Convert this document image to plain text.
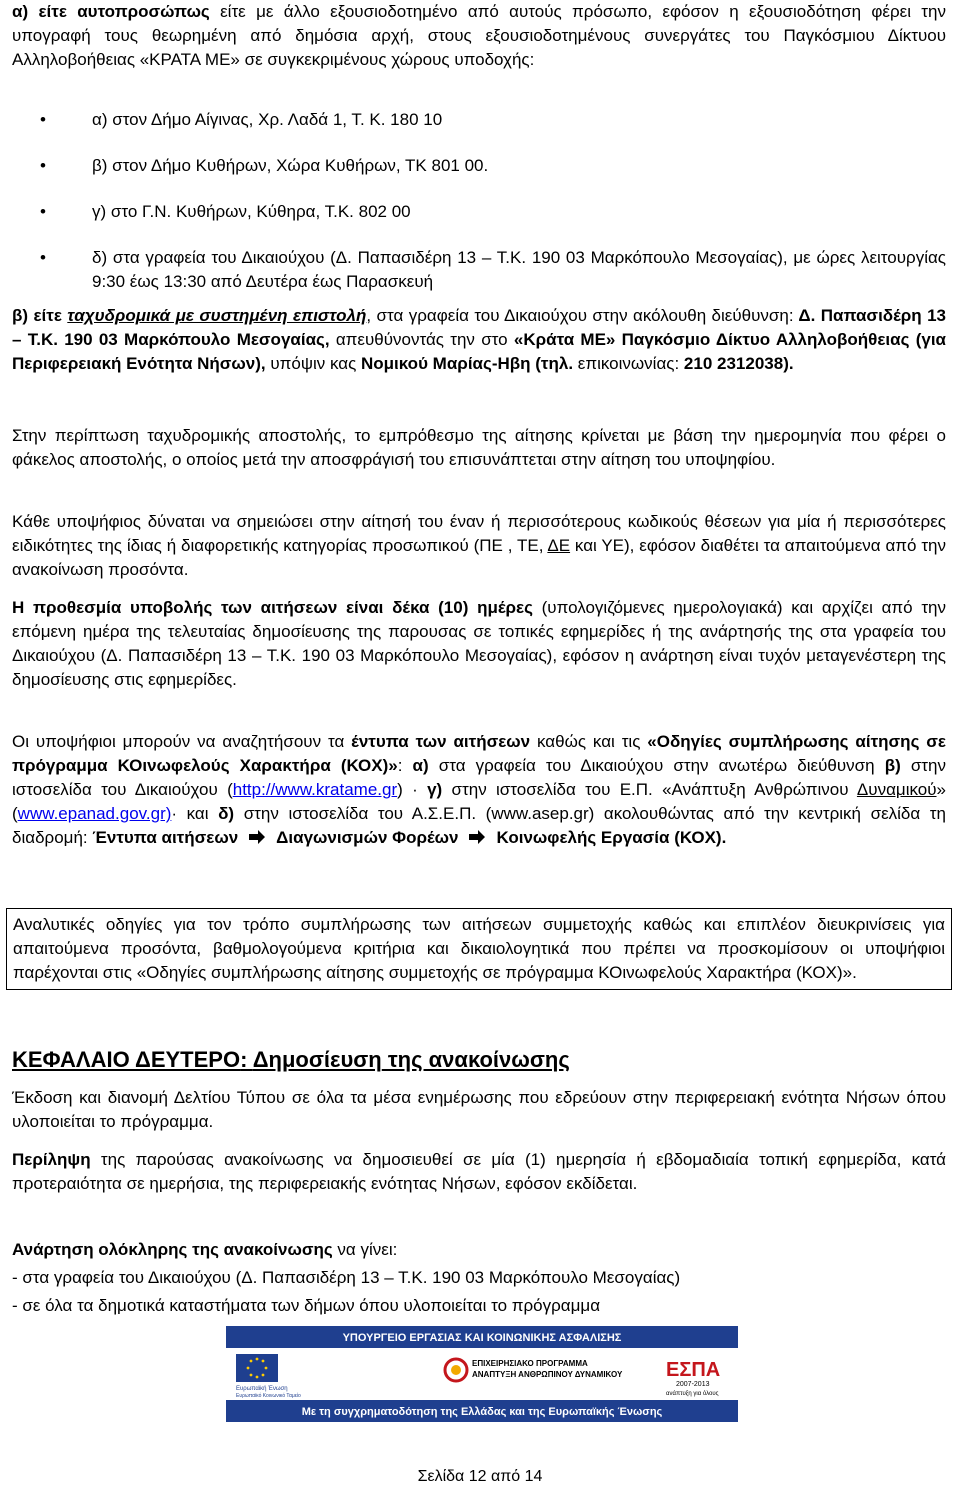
α) είτε αυτοπροσώπως είτε με άλλο εξουσιοδοτημένο από αυτούς πρόσωπο, εφόσον η εξουσιοδότηση φέρει την υπογραφή τους θεωρημένη από δημόσια αρχή, στους εξουσιοδοτημένους συνεργάτες του Παγκόσμιου Δίκτυου Αλληλοβοήθειας «ΚΡΑΤΑ ΜΕ» σε συγκεκριμένους χώρους υποδοχής:

•	α) στον Δήμο Αίγινας, Χρ. Λαδά 1, Τ. Κ. 180 10
•	β) στον Δήμο Κυθήρων, Χώρα Κυθήρων, ΤΚ 801 00.
•	γ) στο Γ.Ν. Κυθήρων, Κύθηρα, Τ.Κ. 802 00
•	δ) στα γραφεία του Δικαιούχου (Δ. Παπασιδέρη 13 – Τ.Κ. 190 03 Μαρκόπουλο Μεσογαίας), με ώρες λειτουργίας 9:30 έως 13:30 από Δευτέρα έως Παρασκευή

β) είτε ταχυδρομικά με συστημένη επιστολή, στα γραφεία του Δικαιούχου στην ακόλουθη διεύθυνση: Δ. Παπασιδέρη 13 – Τ.Κ. 190 03 Μαρκόπουλο Μεσογαίας, απευθύνοντάς την στο «Κράτα ΜΕ» Παγκόσμιο Δίκτυο Αλληλοβοήθειας (για Περιφερειακή Ενότητα Νήσων), υπόψιν κας Νομικού Μαρίας-Ηβη (τηλ. επικοινωνίας: 210 2312038).

Στην περίπτωση ταχυδρομικής αποστολής, το εμπρόθεσμο της αίτησης κρίνεται με βάση την ημερομηνία που φέρει ο φάκελος αποστολής, ο οποίος μετά την αποσφράγισή του επισυνάπτεται στην αίτηση του υποψηφίου.

Κάθε υποψήφιος δύναται να σημειώσει στην αίτησή του έναν ή περισσότερους κωδικούς θέσεων για μία ή περισσότερες ειδικότητες της ίδιας ή διαφορετικής κατηγορίας προσωπικού (ΠΕ , ΤΕ, ΔΕ και ΥΕ), εφόσον διαθέτει τα απαιτούμενα από την ανακοίνωση προσόντα.

Η προθεσμία υποβολής των αιτήσεων είναι δέκα (10) ημέρες (υπολογιζόμενες ημερολογιακά) και αρχίζει από την επόμενη ημέρα της τελευταίας δημοσίευσης της παρουσας σε τοπικές εφημερίδες ή της ανάρτησής της στα γραφεία του Δικαιούχου (Δ. Παπασιδέρη 13 – Τ.Κ. 190 03 Μαρκόπουλο Μεσογαίας), εφόσον η ανάρτηση είναι τυχόν μεταγενέστερη της δημοσίευσης στις εφημερίδες.

Οι υποψήφιοι μπορούν να αναζητήσουν τα έντυπα των αιτήσεων καθώς και τις «Οδηγίες συμπλήρωσης αίτησης σε πρόγραμμα ΚΟινωφελούς Χαρακτήρα (ΚΟΧ)»: α) στα γραφεία του Δικαιούχου στην ανωτέρω διεύθυνση β) στην ιστοσελίδα του Δικαιούχου (http://www.kratame.gr) · γ) στην ιστοσελίδα του Ε.Π. «Ανάπτυξη Ανθρώπινου Δυναμικού» (www.epanad.gov.gr)· και δ) στην ιστοσελίδα του Α.Σ.Ε.Π. (www.asep.gr) ακολουθώντας από την κεντρική σελίδα τη διαδρομή: Έντυπα αιτήσεων Διαγωνισμών Φορέων Κοινωφελής Εργασία (ΚΟΧ).

Αναλυτικές οδηγίες για τον τρόπο συμπλήρωσης των αιτήσεων συμμετοχής καθώς και επιπλέον διευκρινίσεις για απαιτούμενα προσόντα, βαθμολογούμενα κριτήρια και δικαιολογητικά που πρέπει να προσκομίσουν οι υποψήφιοι παρέχονται στις «Οδηγίες συμπλήρωσης αίτησης συμμετοχής σε πρόγραμμα ΚΟινωφελούς Χαρακτήρα (ΚΟΧ)».

ΚΕΦΑΛΑΙΟ ΔΕΥΤΕΡΟ: Δημοσίευση της ανακοίνωσης

Έκδοση και διανομή Δελτίου Τύπου σε όλα τα μέσα ενημέρωσης που εδρεύουν στην περιφερειακή ενότητα Νήσων όπου υλοποιείται το πρόγραμμα.

Περίληψη της παρούσας ανακοίνωσης να δημοσιευθεί σε μία (1) ημερησία ή εβδομαδιαία τοπική εφημερίδα, κατά προτεραιότητα σε ημερήσια, της περιφερειακής ενότητας Νήσων, εφόσον εκδίδεται.

Ανάρτηση ολόκληρης της ανακοίνωσης να γίνει:
- στα γραφεία του Δικαιούχου (Δ. Παπασιδέρη 13 – Τ.Κ. 190 03 Μαρκόπουλο Μεσογαίας)
- σε όλα τα δημοτικά καταστήματα των δήμων όπου υλοποιείται το πρόγραμμα
ΥΠΟΥΡΓΕΙΟ ΕΡΓΑΣΙΑΣ ΚΑΙ ΚΟΙΝΩΝΙΚΗΣ ΑΣΦΑΛΙΣΗΣ
Ευρωπαϊκή Ένωση
Ευρωπαϊκό Κοινωνικό Ταμείο
ΕΠΙΧΕΙΡΗΣΙΑΚΟ ΠΡΟΓΡΑΜΜΑ
ΑΝΑΠΤΥΞΗ ΑΝΘΡΩΠΙΝΟΥ ΔΥΝΑΜΙΚΟΥ ΕΣΠΑ
2007-2013
ανάπτυξη για όλους
Με τη συγχρηματοδότηση της Ελλάδας και της Ευρωπαϊκής Ένωσης
Σελίδα 12 από 14
